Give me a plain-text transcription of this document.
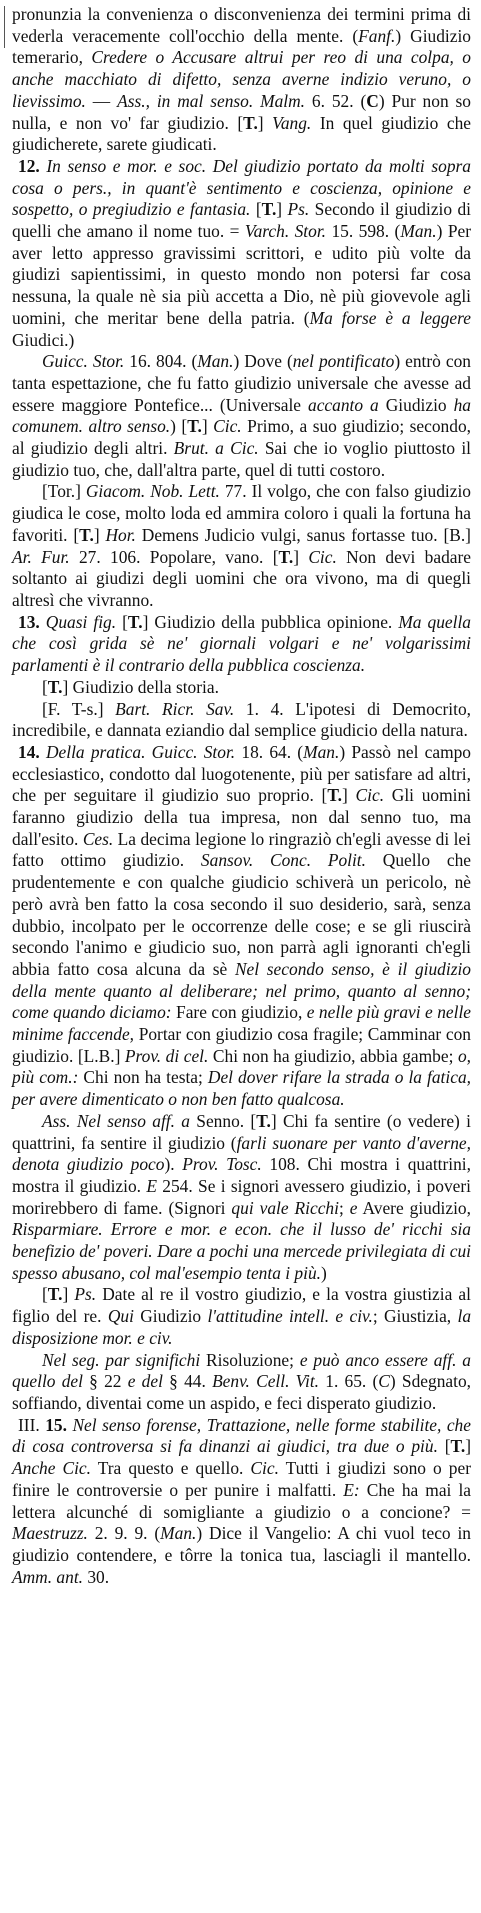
pronunzia la convenienza o disconvenienza dei termini prima di vederla veracemente coll'occhio della mente. (Fanf.) Giudizio temerario, Credere o Accusare altrui per reo di una colpa, o anche macchiato di difetto, senza averne indizio veruno, o lievissimo. — Ass., in mal senso. Malm. 6. 52. (C) Pur non so nulla, e non vo' far giudizio. [T.] Vang. In quel giudizio che giudicherete, sarete giudicati.

12. In senso e mor. e soc. Del giudizio portato da molti sopra cosa o pers., in quant'è sentimento e coscienza, opinione e sospetto, o pregiudizio e fantasia. [T.] Ps. Secondo il giudizio di quelli che amano il nome tuo. = Varch. Stor. 15. 598. (Man.) Per aver letto appresso gravissimi scrittori, e udito più volte da giudizi sapientissimi, in questo mondo non potersi far cosa nessuna, la quale nè sia più accetta a Dio, nè più giovevole agli uomini, che meritar bene della patria. (Ma forse è a leggere Giudici.)

Guicc. Stor. 16. 804. (Man.) Dove (nel pontificato) entrò con tanta espettazione, che fu fatto giudizio universale che avesse ad essere maggiore Pontefice... (Universale accanto a Giudizio ha comunem. altro senso.) [T.] Cic. Primo, a suo giudizio; secondo, al giudizio degli altri. Brut. a Cic. Sai che io voglio piuttosto il giudizio tuo, che, dall'altra parte, quel di tutti costoro.

[Tor.] Giacom. Nob. Lett. 77. Il volgo, che con falso giudizio giudica le cose, molto loda ed ammira coloro i quali la fortuna ha favoriti. [T.] Hor. Demens Judicio vulgi, sanus fortasse tuo. [B.] Ar. Fur. 27. 106. Popolare, vano. [T.] Cic. Non devi badare soltanto ai giudizi degli uomini che ora vivono, ma di quegli altresì che vivranno.

13. Quasi fig. [T.] Giudizio della pubblica opinione. Ma quella che così grida sè ne' giornali volgari e ne' volgarissimi parlamenti è il contrario della pubblica coscienza.

[T.] Giudizio della storia.

[F. T-s.] Bart. Ricr. Sav. 1. 4. L'ipotesi di Democrito, incredibile, e dannata eziandio dal semplice giudicio della natura.

14. Della pratica. Guicc. Stor. 18. 64. (Man.) Passò nel campo ecclesiastico, condotto dal luogotenente, più per satisfare ad altri, che per seguitare il giudizio suo proprio. [T.] Cic. Gli uomini faranno giudizio della tua impresa, non dal senno tuo, ma dall'esito. Ces. La decima legione lo ringraziò ch'egli avesse di lei fatto ottimo giudizio. Sansov. Conc. Polit. Quello che prudentemente e con qualche giudicio schiverà un pericolo, nè però avrà ben fatto la cosa secondo il suo desiderio, sarà, senza dubbio, incolpato per le occorrenze delle cose; e se gli riuscirà secondo l'animo e giudicio suo, non parrà agli ignoranti ch'egli abbia fatto cosa alcuna da sè Nel secondo senso, è il giudizio della mente quanto al deliberare; nel primo, quanto al senno; come quando diciamo: Fare con giudizio, e nelle più gravi e nelle minime faccende, Portar con giudizio cosa fragile; Camminar con giudizio. [L.B.] Prov. di cel. Chi non ha giudizio, abbia gambe; o, più com.: Chi non ha testa; Del dover rifare la strada o la fatica, per avere dimenticato o non ben fatto qualcosa.

Ass. Nel senso aff. a Senno. [T.] Chi fa sentire (o vedere) i quattrini, fa sentire il giudizio (farli suonare per vanto d'averne, denota giudizio poco). Prov. Tosc. 108. Chi mostra i quattrini, mostra il giudizio. E 254. Se i signori avessero giudizio, i poveri morirebbero di fame. (Signori qui vale Ricchi; e Avere giudizio, Risparmiare. Errore e mor. e econ. che il lusso de' ricchi sia benefizio de' poveri. Dare a pochi una mercede privilegiata di cui spesso abusano, col mal'esempio tenta i più.)

[T.] Ps. Date al re il vostro giudizio, e la vostra giustizia al figlio del re. Qui Giudizio l'attitudine intell. e civ.; Giustizia, la disposizione mor. e civ.

Nel seg. par significhi Risoluzione; e può anco essere aff. a quello del § 22 e del § 44. Benv. Cell. Vit. 1. 65. (C) Sdegnato, soffiando, diventai come un aspido, e feci disperato giudizio.

III. 15. Nel senso forense, Trattazione, nelle forme stabilite, che di cosa controversa si fa dinanzi ai giudici, tra due o più. [T.] Anche Cic. Tra questo e quello. Cic. Tutti i giudizi sono o per finire le controversie o per punire i malfatti. E: Che ha mai la lettera alcunché di somigliante a giudizio o a concione? = Maestruzz. 2. 9. 9. (Man.) Dice il Vangelio: A chi vuol teco in giudizio contendere, e tôrre la tonica tua, lasciagli il mantello. Amm. ant. 30.
